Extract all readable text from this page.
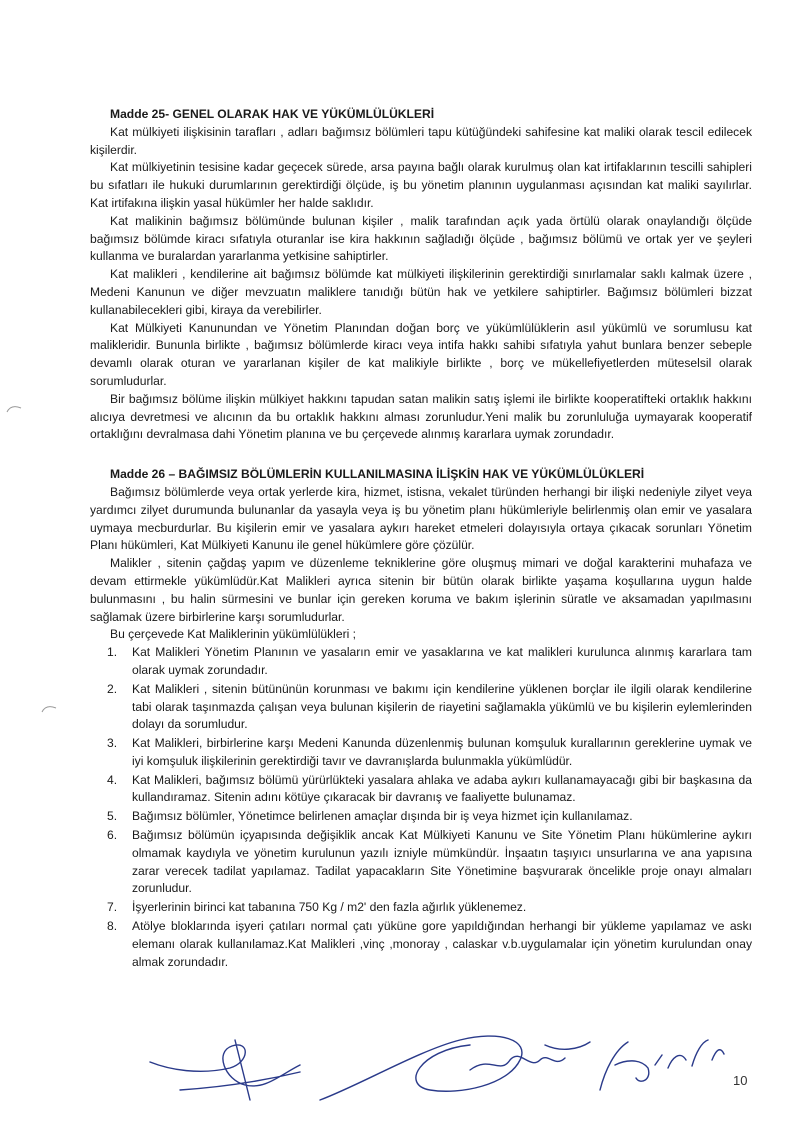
Madde 25- GENEL OLARAK HAK VE YÜKÜMLÜLÜKLERİ

Kat mülkiyeti ilişkisinin tarafları , adları bağımsız bölümleri tapu kütüğündeki sahifesine kat maliki olarak tescil edilecek kişilerdir.

Kat mülkiyetinin tesisine kadar geçecek sürede, arsa payına bağlı olarak kurulmuş olan kat irtifaklarının tescilli sahipleri bu sıfatları ile hukuki durumlarının gerektirdiği ölçüde, iş bu yönetim planının uygulanması açısından kat maliki sayılırlar. Kat irtifakına ilişkin yasal hükümler her halde saklıdır.

Kat malikinin bağımsız bölümünde bulunan kişiler , malik tarafından açık yada örtülü olarak onaylandığı ölçüde bağımsız bölümde kiracı sıfatıyla oturanlar ise kira hakkının sağladığı ölçüde , bağımsız bölümü ve ortak yer ve şeyleri kullanma ve buralardan yararlanma yetkisine sahiptirler.

Kat malikleri , kendilerine ait bağımsız bölümde kat mülkiyeti ilişkilerinin gerektirdiği sınırlamalar saklı kalmak üzere , Medeni Kanunun ve diğer mevzuatın maliklere tanıdığı bütün hak ve yetkilere sahiptirler. Bağımsız bölümleri bizzat kullanabilecekleri gibi, kiraya da verebilirler.

Kat Mülkiyeti Kanunundan ve Yönetim Planından doğan borç ve yükümlülüklerin asıl yükümlü ve sorumlusu kat malikleridir. Bununla birlikte , bağımsız bölümlerde kiracı veya intifa hakkı sahibi sıfatıyla yahut bunlara benzer sebeple devamlı olarak oturan ve yararlanan kişiler de kat malikiyle birlikte , borç ve mükellefiyetlerden müteselsil olarak sorumludurlar.

Bir bağımsız bölüme ilişkin mülkiyet hakkını tapudan satan malikin satış işlemi ile birlikte kooperatifteki ortaklık hakkını alıcıya devretmesi ve alıcının da bu ortaklık hakkını alması zorunludur.Yeni malik bu zorunluluğa uymayarak kooperatif ortaklığını devralmasa dahi Yönetim planına ve bu çerçevede alınmış kararlara uymak zorundadır.

Madde 26 – BAĞIMSIZ BÖLÜMLERİN KULLANILMASINA İLİŞKİN HAK VE YÜKÜMLÜLÜKLERİ

Bağımsız bölümlerde veya ortak yerlerde kira, hizmet, istisna, vekalet türünden herhangi bir ilişki nedeniyle zilyet veya yardımcı zilyet durumunda bulunanlar da yasayla veya iş bu yönetim planı hükümleriyle belirlenmiş olan emir ve yasalara uymaya mecburdurlar. Bu kişilerin emir ve yasalara aykırı hareket etmeleri dolayısıyla ortaya çıkacak sorunları Yönetim Planı hükümleri, Kat Mülkiyeti Kanunu ile genel hükümlere göre çözülür.

Malikler , sitenin çağdaş yapım ve düzenleme tekniklerine göre oluşmuş mimari ve doğal karakterini muhafaza ve devam ettirmekle yükümlüdür.Kat Malikleri ayrıca sitenin bir bütün olarak birlikte yaşama koşullarına uygun halde bulunmasını , bu halin sürmesini ve bunlar için gereken koruma ve bakım işlerinin süratle ve aksamadan yapılmasını sağlamak üzere birbirlerine karşı sorumludurlar.

Bu çerçevede Kat Maliklerinin yükümlülükleri ;

1. Kat Malikleri Yönetim Planının ve yasaların emir ve yasaklarına ve kat malikleri kurulunca alınmış kararlara tam olarak uymak zorundadır.
2. Kat Malikleri , sitenin bütününün korunması ve bakımı için kendilerine yüklenen borçlar ile ilgili olarak kendilerine tabi olarak taşınmazda çalışan veya bulunan kişilerin de riayetini sağlamakla yükümlü ve bu kişilerin eylemlerinden dolayı da sorumludur.
3. Kat Malikleri, birbirlerine karşı Medeni Kanunda düzenlenmiş bulunan komşuluk kurallarının gereklerine uymak ve iyi komşuluk ilişkilerinin gerektirdiği tavır ve davranışlarda bulunmakla yükümlüdür.
4. Kat Malikleri, bağımsız bölümü yürürlükteki yasalara ahlaka ve adaba aykırı kullanamayacağı gibi bir başkasına da kullandıramaz. Sitenin adını kötüye çıkaracak bir davranış ve faaliyette bulunamaz.
5. Bağımsız bölümler, Yönetimce belirlenen amaçlar dışında bir iş veya hizmet için kullanılamaz.
6. Bağımsız bölümün içyapısında değişiklik ancak Kat Mülkiyeti Kanunu ve Site Yönetim Planı hükümlerine aykırı olmamak kaydıyla ve yönetim kurulunun yazılı izniyle mümkündür. İnşaatın taşıyıcı unsurlarına ve ana yapısına zarar verecek tadilat yapılamaz. Tadilat yapacakların Site Yönetimine başvurarak öncelikle proje onayı almaları zorunludur.
7. İşyerlerinin birinci kat tabanına 750 Kg / m2' den fazla ağırlık yüklenemez.
8. Atölye bloklarında işyeri çatıları normal çatı yüküne gore yapıldığından herhangi bir yükleme yapılamaz ve askı elemanı olarak kullanılamaz.Kat Malikleri ,vinç ,monoray , calaskar v.b.uygulamalar için yönetim kurulundan onay almak zorundadır.
10
